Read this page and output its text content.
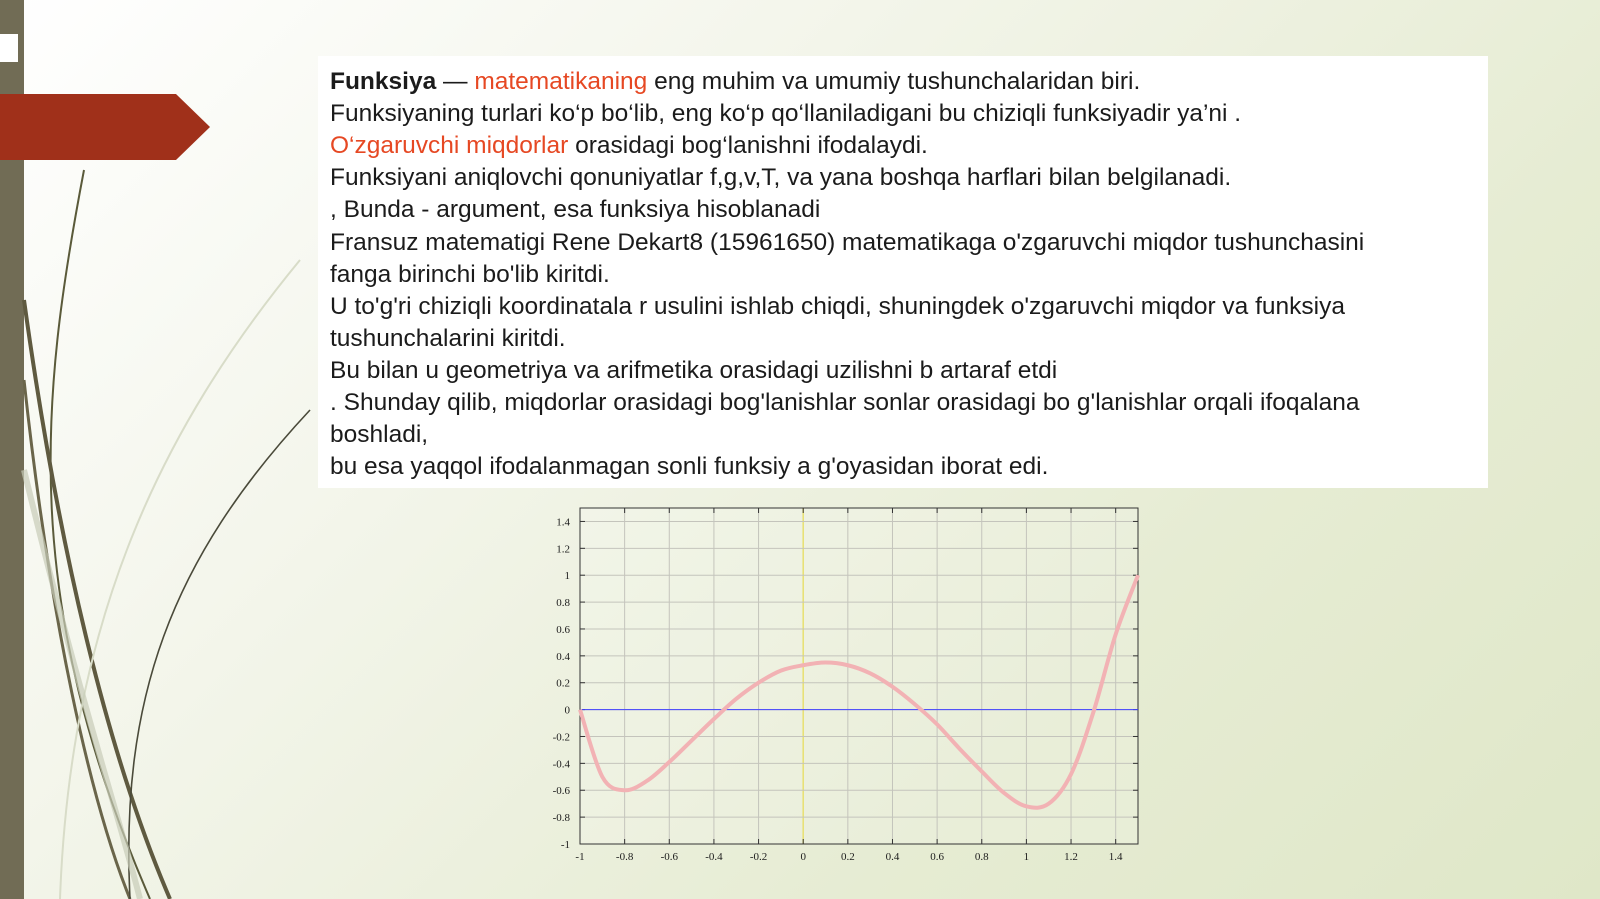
Funksiya — matematikaning eng muhim va umumiy tushunchalaridan biri.
Funksiyaning turlari ko‘p bo‘lib, eng ko‘p qo‘llaniladigani bu chiziqli funksiyadir ya’ni .
O‘zgaruvchi miqdorlar orasidagi bog‘lanishni ifodalaydi.
Funksiyani aniqlovchi qonuniyatlar f,g,v,T, va yana boshqa harflari bilan belgilanadi.
, Bunda - argument, esa funksiya hisoblanadi
Fransuz matematigi Rene Dekart8 (15961650) matematikaga o'zgaruvchi miqdor tushunchasini
fanga birinchi bo'lib kiritdi.
U to'g'ri chiziqli koordinatala r usulini ishlab chiqdi, shuningdek o'zgaruvchi miqdor va funksiya
tushunchalarini kiritdi.
Bu bilan u geometriya va arifmetika orasidagi uzilishni b artaraf etdi
. Shunday qilib, miqdorlar orasidagi bog'lanishlar sonlar orasidagi bo g'lanishlar orqali ifoqalana
boshladi,
bu esa yaqqol ifodalanmagan sonli funksiy a g'oyasidan iborat edi.
-1	-0.8 -0.6 -0.4 -0.2	0	0.2	0.4	0.6	0.8	1	1.2	1.4
1.4
1.2
1
0.8
0.6
0.4
0.2
0
-0.2
-0.4
-0.6
-0.8
-1
